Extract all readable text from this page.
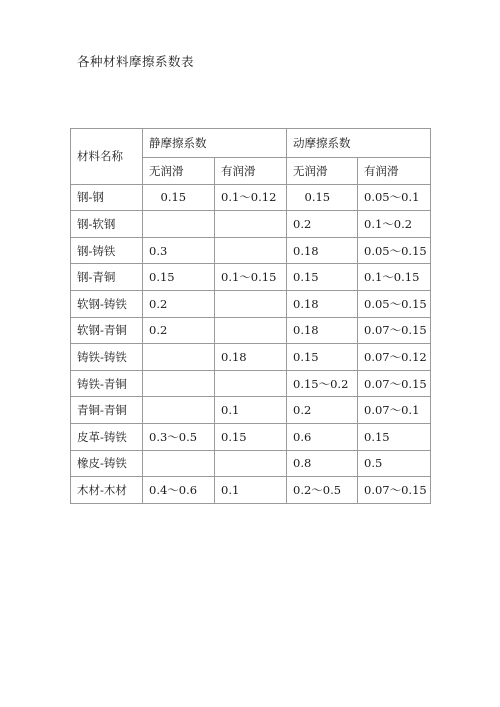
各种材料摩擦系数表
材料名称	静摩擦系数		动摩擦系数	
	无润滑	有润滑	无润滑	有润滑
钢-钢	　0.15	0.1～0.12	　0.15	0.05～0.1
钢-软钢			0.2	0.1～0.2
钢-铸铁	0.3		0.18	0.05～0.15
钢-青铜	0.15	0.1～0.15	0.15	0.1～0.15
软钢-铸铁	0.2		0.18	0.05～0.15
软钢-青铜	0.2		0.18	0.07～0.15
铸铁-铸铁		0.18	0.15	0.07～0.12
铸铁-青铜			0.15～0.2	0.07～0.15
青铜-青铜		0.1	0.2	0.07～0.1
皮革-铸铁	0.3～0.5	0.15	0.6	0.15
橡皮-铸铁			0.8	0.5
木材-木材	0.4～0.6	0.1	0.2～0.5	0.07～0.15
